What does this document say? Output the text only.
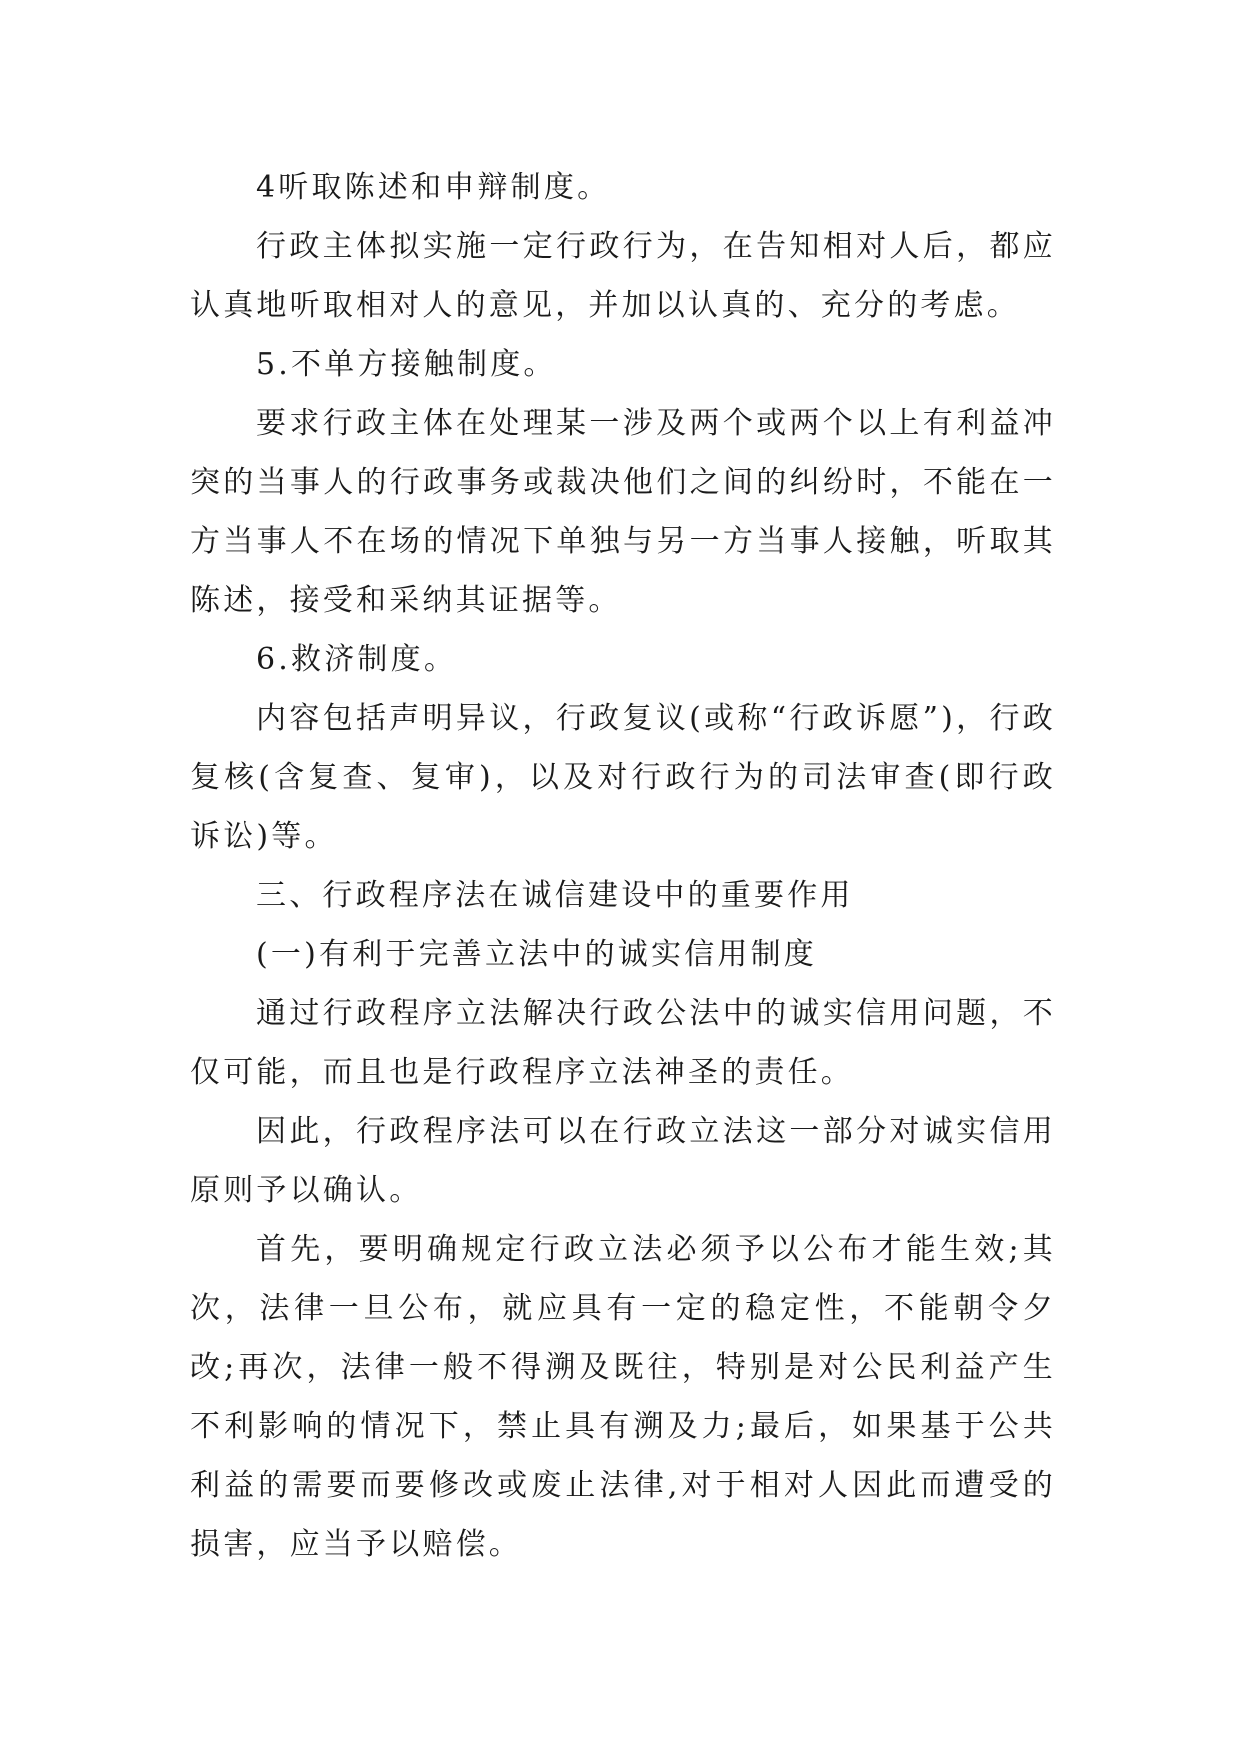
4听取陈述和申辩制度。

行政主体拟实施一定行政行为，在告知相对人后，都应认真地听取相对人的意见，并加以认真的、充分的考虑。

5.不单方接触制度。

要求行政主体在处理某一涉及两个或两个以上有利益冲突的当事人的行政事务或裁决他们之间的纠纷时，不能在一方当事人不在场的情况下单独与另一方当事人接触，听取其陈述，接受和采纳其证据等。

6.救济制度。

内容包括声明异议，行政复议(或称“行政诉愿”)，行政复核(含复查、复审)，以及对行政行为的司法审查(即行政诉讼)等。

三、行政程序法在诚信建设中的重要作用

(一)有利于完善立法中的诚实信用制度

通过行政程序立法解决行政公法中的诚实信用问题，不仅可能，而且也是行政程序立法神圣的责任。

因此，行政程序法可以在行政立法这一部分对诚实信用原则予以确认。

首先，要明确规定行政立法必须予以公布才能生效;其次，法律一旦公布，就应具有一定的稳定性，不能朝令夕改;再次，法律一般不得溯及既往，特别是对公民利益产生不利影响的情况下，禁止具有溯及力;最后，如果基于公共利益的需要而要修改或废止法律,对于相对人因此而遭受的损害，应当予以赔偿。
